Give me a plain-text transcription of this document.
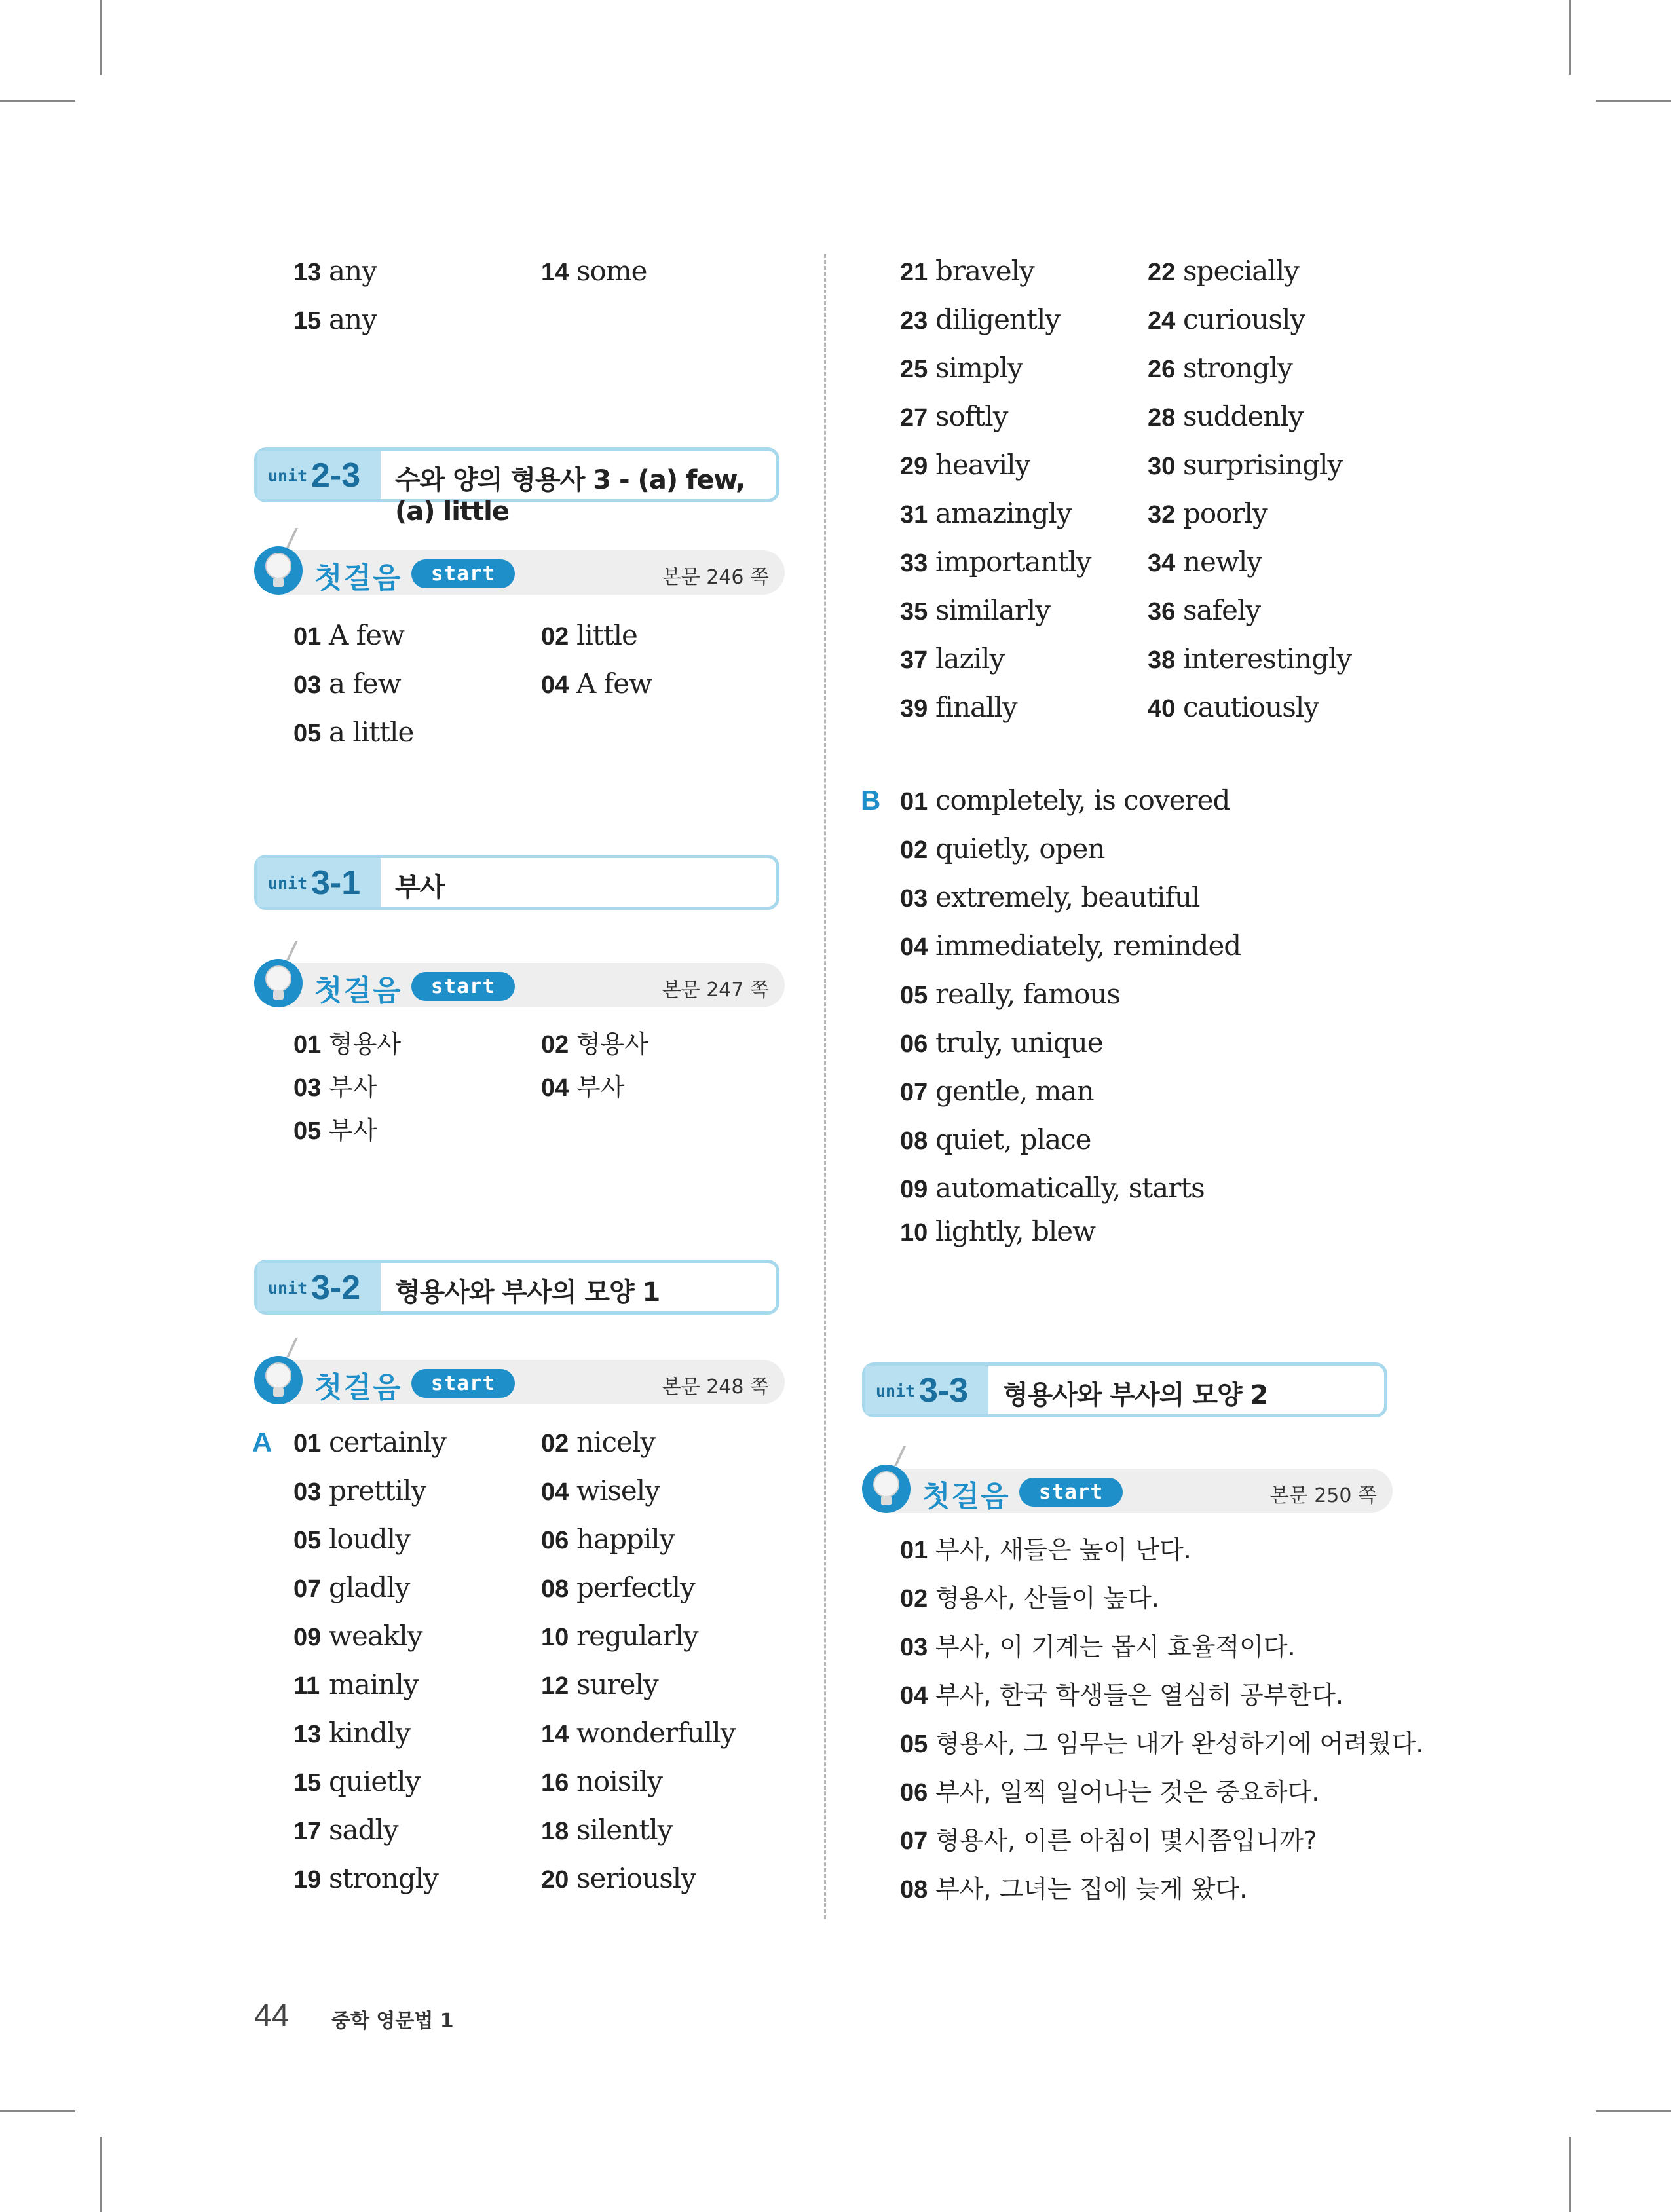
13 any	14 some
15 any
unit 2-3 수와 양의 형용사 3 - (a) few, (a) little
첫걸음	start	본문 246 쪽
01 A few	02 little
03 a few	04 A few
05 a little
unit 3-1 부사
첫걸음	start	본문 247 쪽
01 형용사	02 형용사
03 부사	04 부사
05 부사
unit 3-2 형용사와 부사의 모양 1
첫걸음	start	본문 248 쪽
A 01 certainly	02 nicely
03 prettily	04 wisely
05 loudly	06 happily
07 gladly	08 perfectly
09 weakly	10 regularly
11 mainly	12 surely
13 kindly	14 wonderfully
15 quietly	16 noisily
17 sadly	18 silently
19 strongly	20 seriously
21 bravely	22 specially
23 diligently	24 curiously
25 simply	26 strongly
27 softly	28 suddenly
29 heavily	30 surprisingly
31 amazingly	32 poorly
33 importantly 34 newly
35 similarly	36 safely
37 lazily	38 interestingly
39 finally	40 cautiously
B 01 completely, is covered
02 quietly, open
03 extremely, beautiful
04 immediately, reminded
05 really, famous
06 truly, unique
07 gentle, man
08 quiet, place
09 automatically, starts
10 lightly, blew
unit 3-3 형용사와 부사의 모양 2
첫걸음	start	본문 250 쪽
01 부사, 새들은 높이 난다.
02 형용사, 산들이 높다.
03 부사, 이 기계는 몹시 효율적이다.
04 부사, 한국 학생들은 열심히 공부한다.
05 형용사, 그 임무는 내가 완성하기에 어려웠다.
06 부사, 일찍 일어나는 것은 중요하다.
07 형용사, 이른 아침이 몇시쯤입니까?
08 부사, 그녀는 집에 늦게 왔다.
44 중학 영문법 1
